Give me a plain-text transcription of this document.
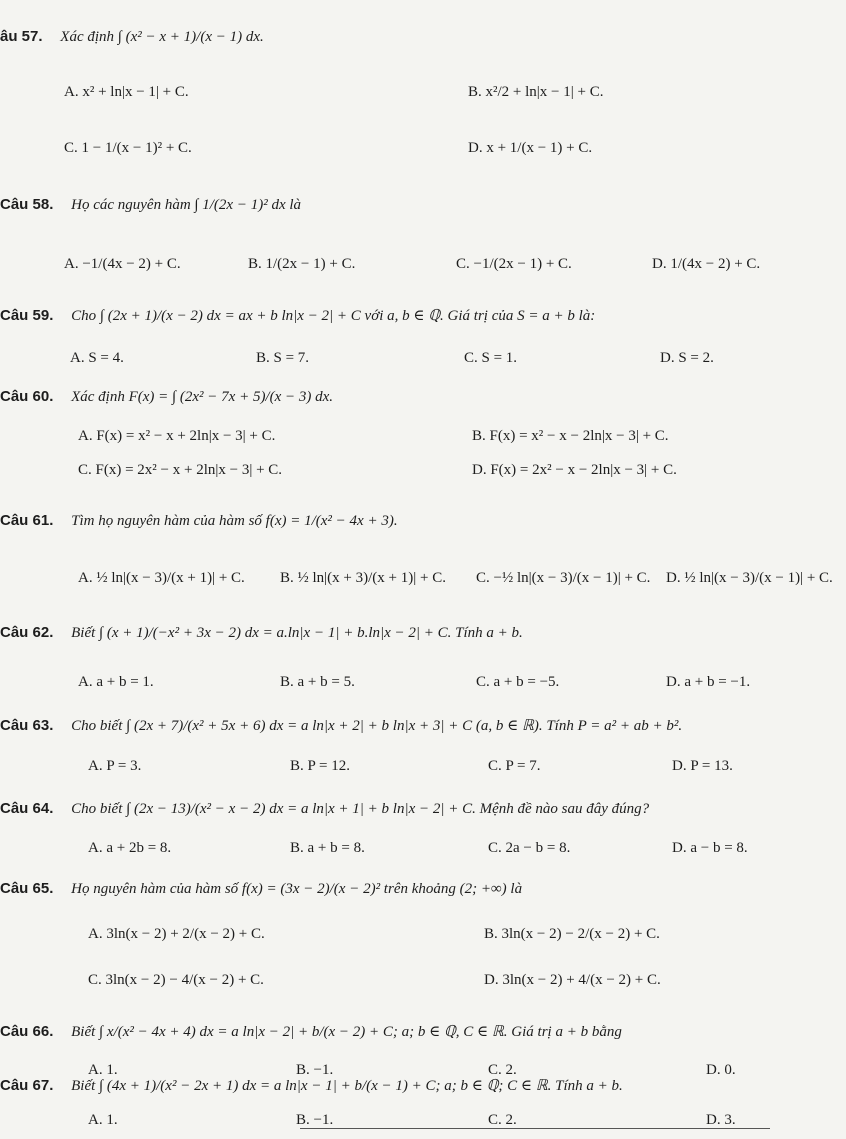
âu 57. Xác định ∫ (x² − x + 1)/(x − 1) dx.
A. x² + ln|x − 1| + C.	B. x²/2 + ln|x − 1| + C.
C. 1 − 1/(x − 1)² + C.	D. x + 1/(x − 1) + C.
Câu 58. Họ các nguyên hàm ∫ 1/(2x − 1)² dx là
A. −1/(4x − 2) + C.	B. 1/(2x − 1) + C.	C. −1/(2x − 1) + C.	D. 1/(4x − 2) + C.
Câu 59. Cho ∫ (2x + 1)/(x − 2) dx = ax + b ln|x − 2| + C với a, b ∈ ℚ. Giá trị của S = a + b là:
A. S = 4.	B. S = 7.	C. S = 1.	D. S = 2.
Câu 60. Xác định F(x) = ∫ (2x² − 7x + 5)/(x − 3) dx.
A. F(x) = x² − x + 2ln|x − 3| + C.	B. F(x) = x² − x − 2ln|x − 3| + C.
C. F(x) = 2x² − x + 2ln|x − 3| + C.	D. F(x) = 2x² − x − 2ln|x − 3| + C.
Câu 61. Tìm họ nguyên hàm của hàm số f(x) = 1/(x² − 4x + 3).
A. ½ ln|(x − 3)/(x + 1)| + C. B. ½ ln|(x + 3)/(x + 1)| + C. C. −½ ln|(x − 3)/(x − 1)| + C. D. ½ ln|(x − 3)/(x − 1)| + C.
Câu 62. Biết ∫ (x + 1)/(−x² + 3x − 2) dx = a.ln|x − 1| + b.ln|x − 2| + C. Tính a + b.
A. a + b = 1.	B. a + b = 5.	C. a + b = −5.	D. a + b = −1.
Câu 63. Cho biết ∫ (2x + 7)/(x² + 5x + 6) dx = a ln|x + 2| + b ln|x + 3| + C (a, b ∈ ℝ). Tính P = a² + ab + b².
A. P = 3.	B. P = 12.	C. P = 7.	D. P = 13.
Câu 64. Cho biết ∫ (2x − 13)/(x² − x − 2) dx = a ln|x + 1| + b ln|x − 2| + C. Mệnh đề nào sau đây đúng?
A. a + 2b = 8.	B. a + b = 8.	C. 2a − b = 8.	D. a − b = 8.
Câu 65. Họ nguyên hàm của hàm số f(x) = (3x − 2)/(x − 2)² trên khoảng (2; +∞) là
A. 3ln(x − 2) + 2/(x − 2) + C.	B. 3ln(x − 2) − 2/(x − 2) + C.
C. 3ln(x − 2) − 4/(x − 2) + C.	D. 3ln(x − 2) + 4/(x − 2) + C.
Câu 66. Biết ∫ x/(x² − 4x + 4) dx = a ln|x − 2| + b/(x − 2) + C; a; b ∈ ℚ, C ∈ ℝ. Giá trị a + b bằng
A. 1.	B. −1.	C. 2.	D. 0.
Câu 67. Biết ∫ (4x + 1)/(x² − 2x + 1) dx = a ln|x − 1| + b/(x − 1) + C; a; b ∈ ℚ; C ∈ ℝ. Tính a + b.
A. 1.	B. −1.	C. 2.	D. 3.
